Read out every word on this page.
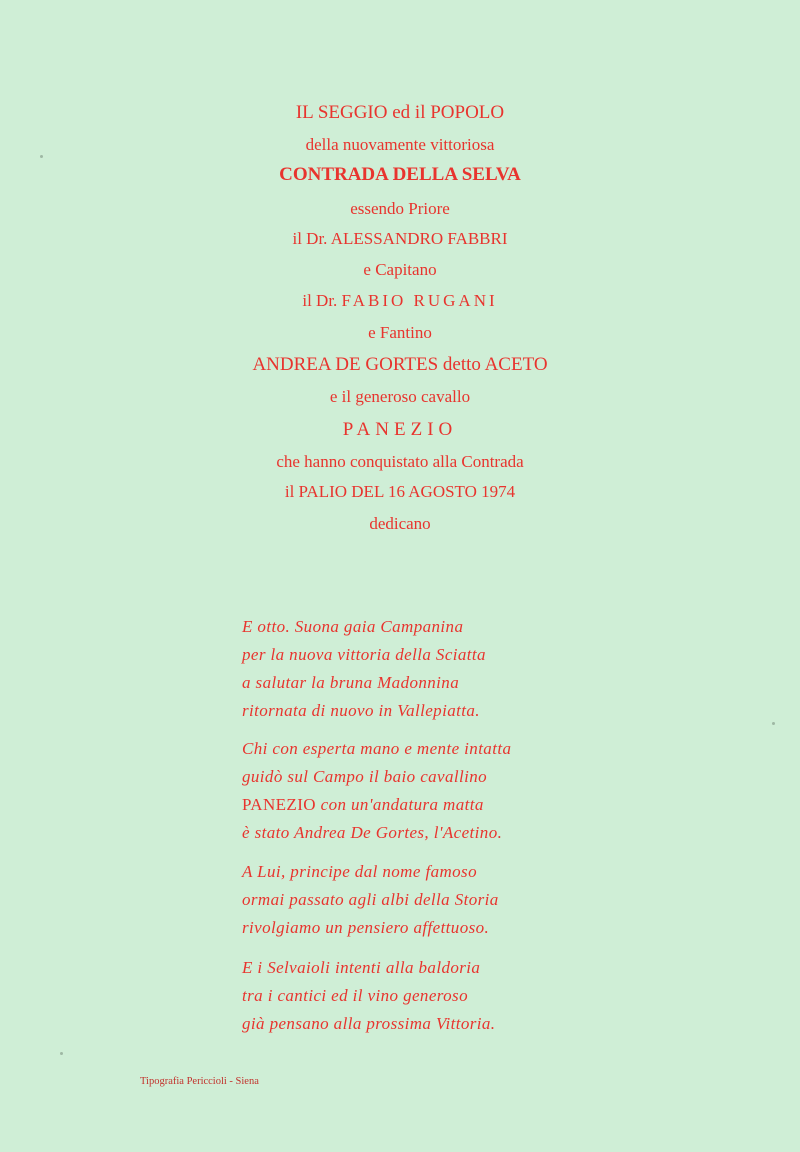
IL SEGGIO ed il POPOLO
della nuovamente vittoriosa
CONTRADA DELLA SELVA
essendo Priore
il Dr. ALESSANDRO FABBRI
e Capitano
il Dr. FABIO RUGANI
e Fantino
ANDREA DE GORTES detto ACETO
e il generoso cavallo
PANEZIO
che hanno conquistato alla Contrada
il PALIO DEL 16 AGOSTO 1974
dedicano
E otto. Suona gaia Campanina
per la nuova vittoria della Sciatta
a salutar la bruna Madonnina
ritornata di nuovo in Vallepiatta.
Chi con esperta mano e mente intatta
guidò sul Campo il baio cavallino
PANEZIO con un'andatura matta
è stato Andrea De Gortes, l'Acetino.
A Lui, principe dal nome famoso
ormai passato agli albi della Storia
rivolgiamo un pensiero affettuoso.
E i Selvaioli intenti alla baldoria
tra i cantici ed il vino generoso
già pensano alla prossima Vittoria.
Tipografia Periccioli - Siena
